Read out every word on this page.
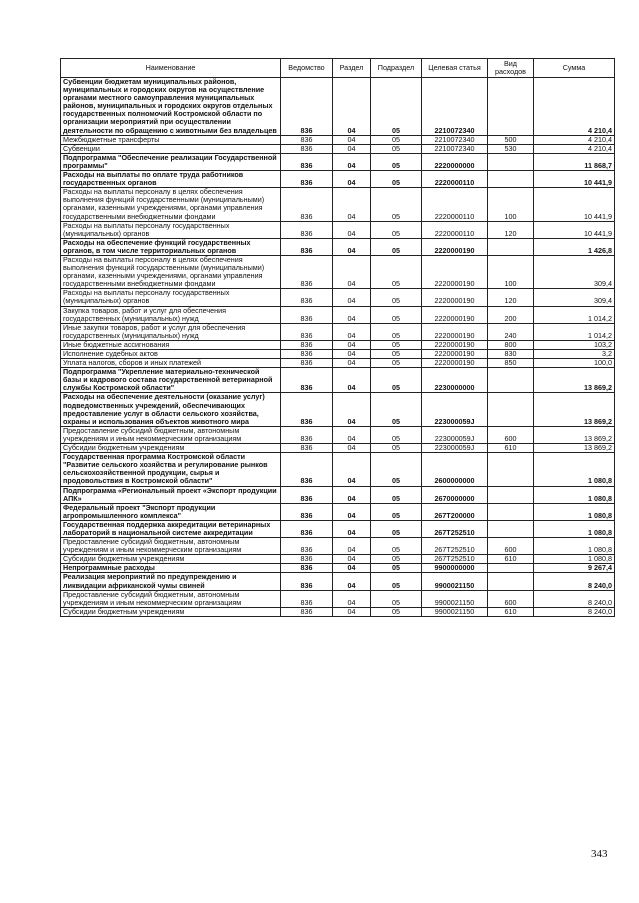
Наименование	Ведомство	Раздел	Подраздел	Целевая статья	Вид расходов	Сумма
Субвенции бюджетам муниципальных районов, муниципальных и городских округов на осуществление органами местного самоуправления муниципальных районов, муниципальных и городских округов отдельных государственных полномочий Костромской области по организации мероприятий при осуществлении деятельности по обращению с животными без владельцев	836	04	05	2210072340		4 210,4
Межбюджетные трансферты	836	04	05	2210072340	500	4 210,4
Субвенции	836	04	05	2210072340	530	4 210,4
Подпрограмма "Обеспечение реализации Государственной программы"	836	04	05	2220000000		11 868,7
Расходы на выплаты по оплате труда работников государственных органов	836	04	05	2220000110		10 441,9
Расходы на выплаты персоналу в целях обеспечения выполнения функций государственными (муниципальными) органами, казенными учреждениями, органами управления государственными внебюджетными фондами	836	04	05	2220000110	100	10 441,9
Расходы на выплаты персоналу государственных (муниципальных) органов	836	04	05	2220000110	120	10 441,9
Расходы на обеспечение функций государственных органов, в том числе территориальных органов	836	04	05	2220000190		1 426,8
Расходы на выплаты персоналу в целях обеспечения выполнения функций государственными (муниципальными) органами, казенными учреждениями, органами управления государственными внебюджетными фондами	836	04	05	2220000190	100	309,4
Расходы на выплаты персоналу государственных (муниципальных) органов	836	04	05	2220000190	120	309,4
Закупка товаров, работ и услуг для обеспечения государственных (муниципальных) нужд	836	04	05	2220000190	200	1 014,2
Иные закупки товаров, работ и услуг для обеспечения государственных (муниципальных) нужд	836	04	05	2220000190	240	1 014,2
Иные бюджетные ассигнования	836	04	05	2220000190	800	103,2
Исполнение судебных актов	836	04	05	2220000190	830	3,2
Уплата налогов, сборов и иных платежей	836	04	05	2220000190	850	100,0
Подпрограмма "Укрепление материально-технической базы и кадрового состава государственной ветеринарной службы Костромской области"	836	04	05	2230000000		13 869,2
Расходы на обеспечение деятельности (оказание услуг) подведомственных учреждений, обеспечивающих предоставление услуг в области сельского хозяйства, охраны и использования объектов животного мира	836	04	05	223000059J		13 869,2
Предоставление субсидий бюджетным, автономным учреждениям и иным некоммерческим организациям	836	04	05	223000059J	600	13 869,2
Субсидии бюджетным учреждениям	836	04	05	223000059J	610	13 869,2
Государственная программа Костромской области "Развитие сельского хозяйства и регулирование рынков сельскохозяйственной продукции, сырья и продовольствия в Костромской области"	836	04	05	2600000000		1 080,8
Подпрограмма «Региональный проект «Экспорт продукции АПК»	836	04	05	2670000000		1 080,8
Федеральный проект "Экспорт продукции агропромышленного комплекса"	836	04	05	267T200000		1 080,8
Государственная поддержка аккредитации ветеринарных лабораторий в национальной системе аккредитации	836	04	05	267T252510		1 080,8
Предоставление субсидий бюджетным, автономным учреждениям и иным некоммерческим организациям	836	04	05	267T252510	600	1 080,8
Субсидии бюджетным учреждениям	836	04	05	267T252510	610	1 080,8
Непрограммные расходы	836	04	05	9900000000		9 267,4
Реализация мероприятий по предупреждению и ликвидации африканской чумы свиней	836	04	05	9900021150		8 240,0
Предоставление субсидий бюджетным, автономным учреждениям и иным некоммерческим организациям	836	04	05	9900021150	600	8 240,0
Субсидии бюджетным учреждениям	836	04	05	9900021150	610	8 240,0
343
